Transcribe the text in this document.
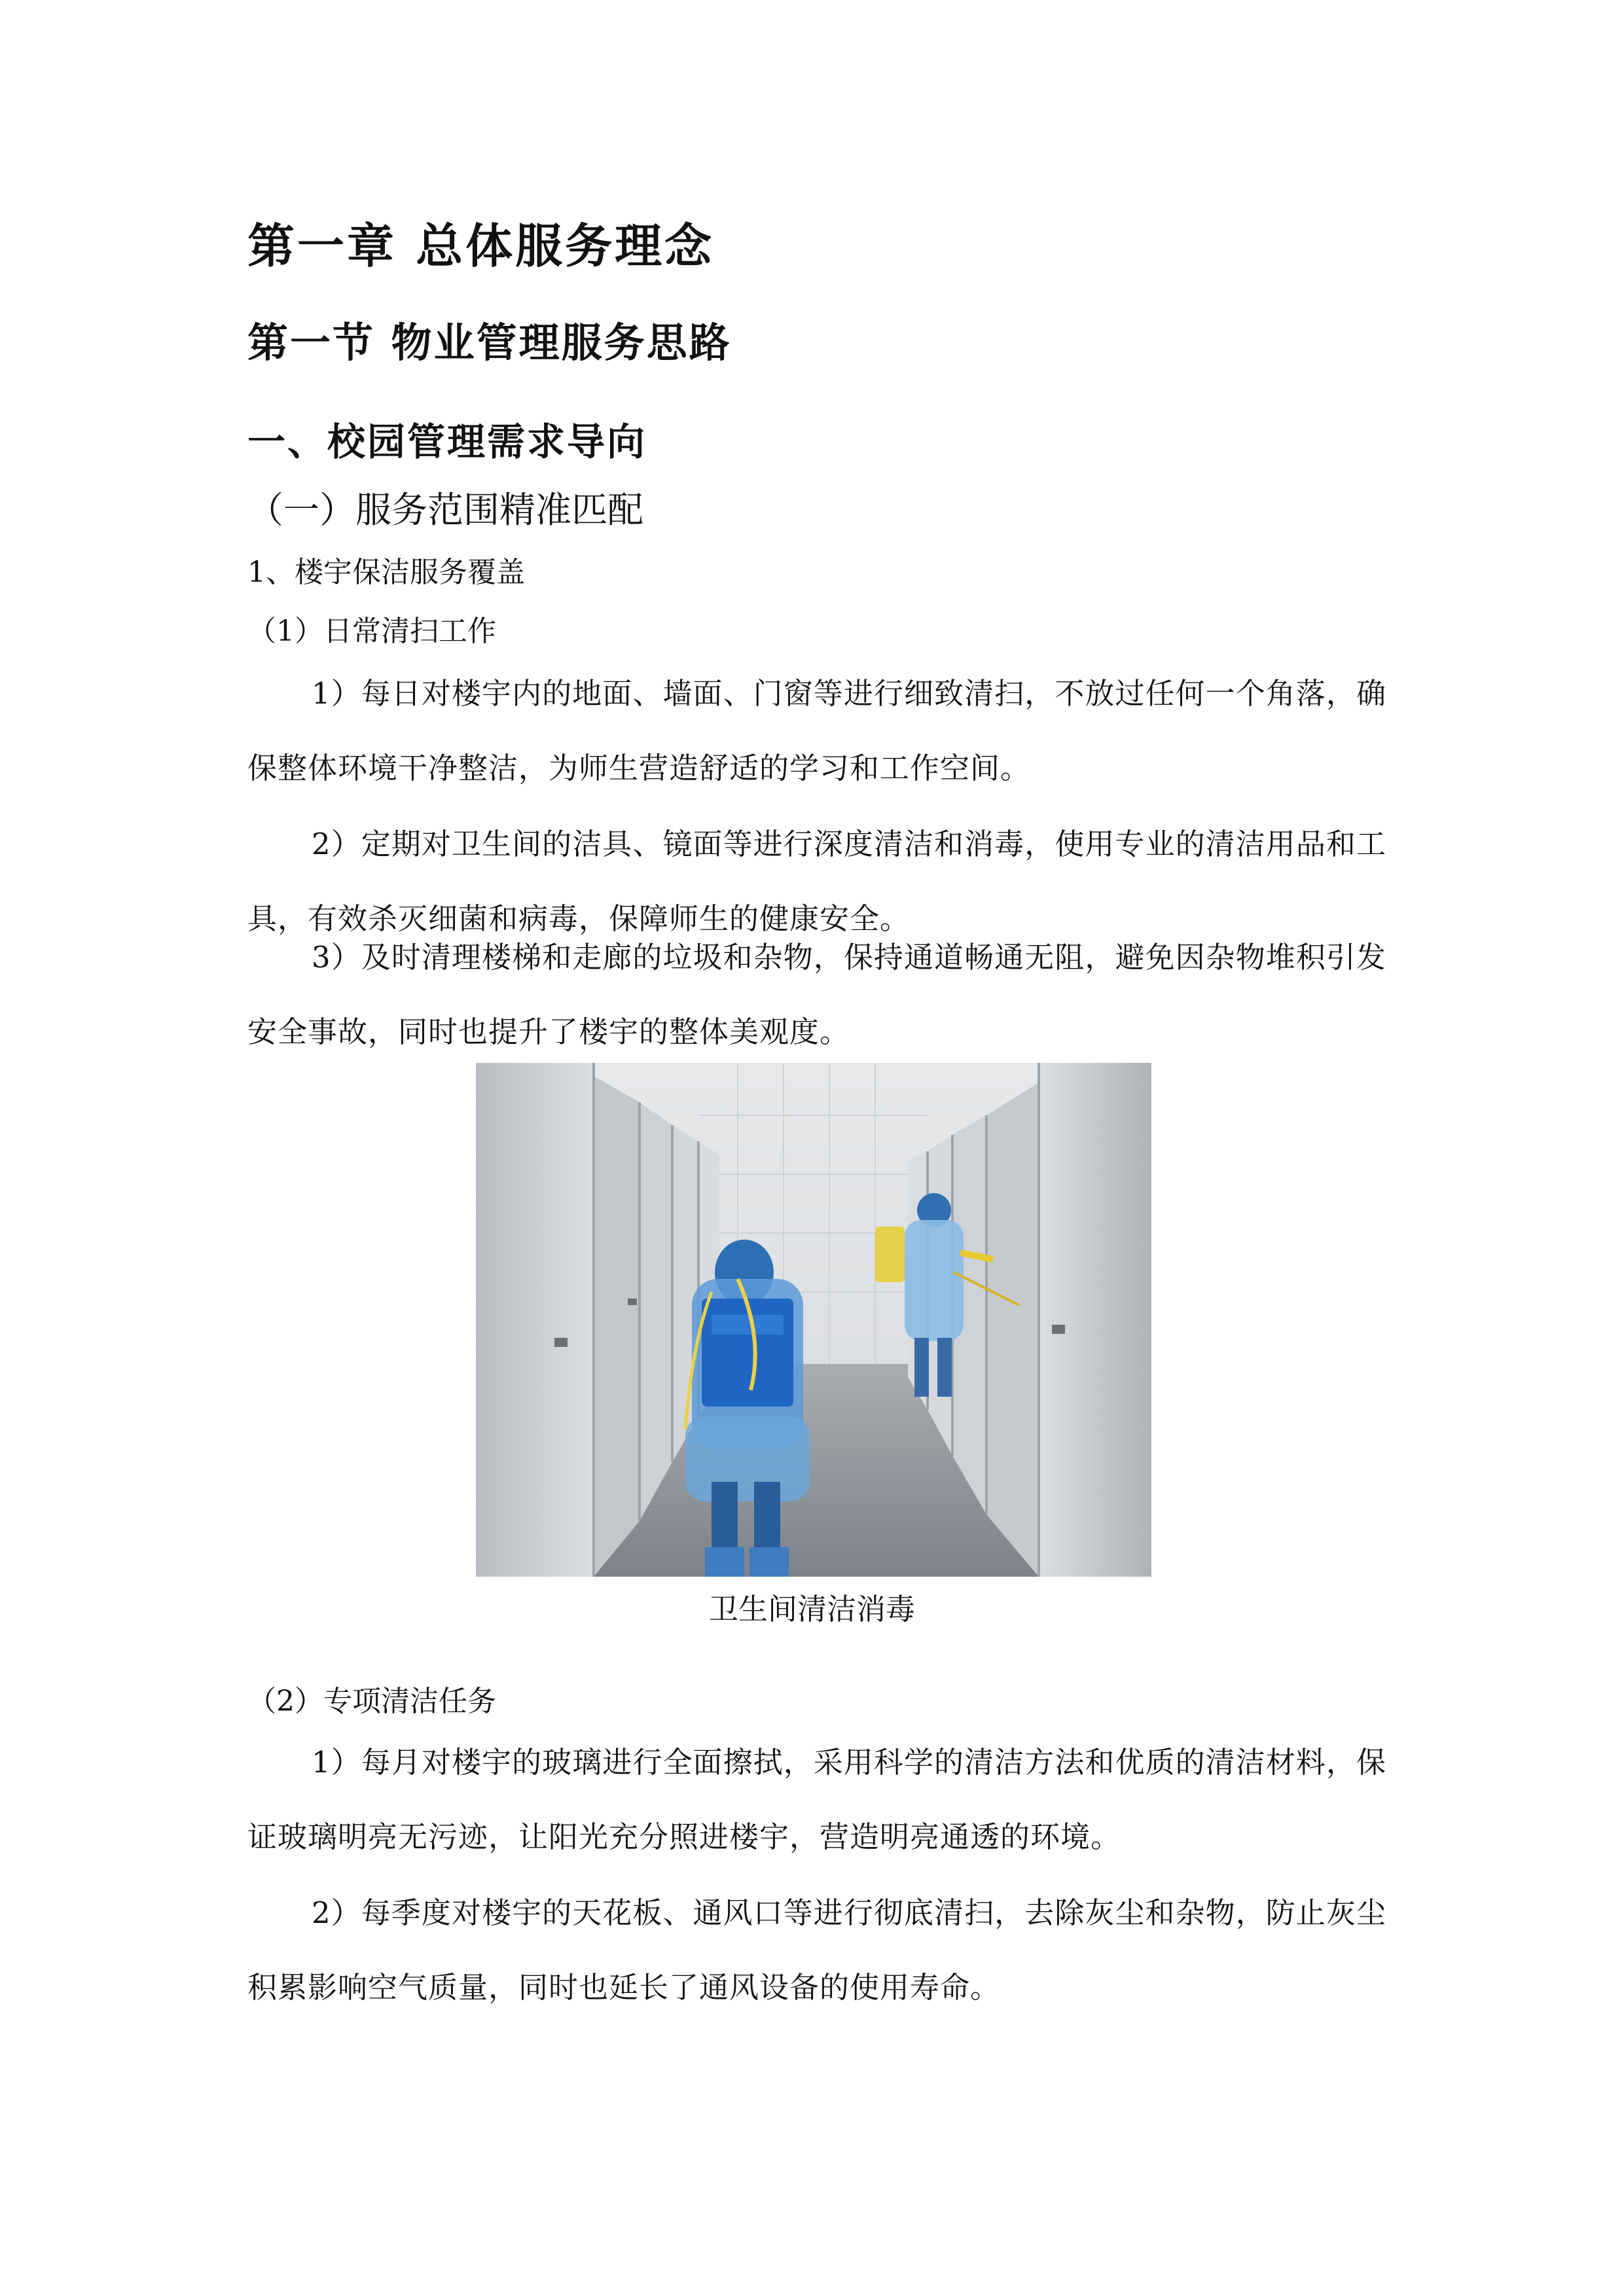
第一章 总体服务理念
第一节 物业管理服务思路
一、校园管理需求导向
（一）服务范围精准匹配
1、楼宇保洁服务覆盖
（1）日常清扫工作

1）每日对楼宇内的地面、墙面、门窗等进行细致清扫，不放过任何一个角落，确保整体环境干净整洁，为师生营造舒适的学习和工作空间。

2）定期对卫生间的洁具、镜面等进行深度清洁和消毒，使用专业的清洁用品和工具，有效杀灭细菌和病毒，保障师生的健康安全。

3）及时清理楼梯和走廊的垃圾和杂物，保持通道畅通无阻，避免因杂物堆积引发安全事故，同时也提升了楼宇的整体美观度。

卫生间清洁消毒
（2）专项清洁任务

1）每月对楼宇的玻璃进行全面擦拭，采用科学的清洁方法和优质的清洁材料，保证玻璃明亮无污迹，让阳光充分照进楼宇，营造明亮通透的环境。

2）每季度对楼宇的天花板、通风口等进行彻底清扫，去除灰尘和杂物，防止灰尘积累影响空气质量，同时也延长了通风设备的使用寿命。
